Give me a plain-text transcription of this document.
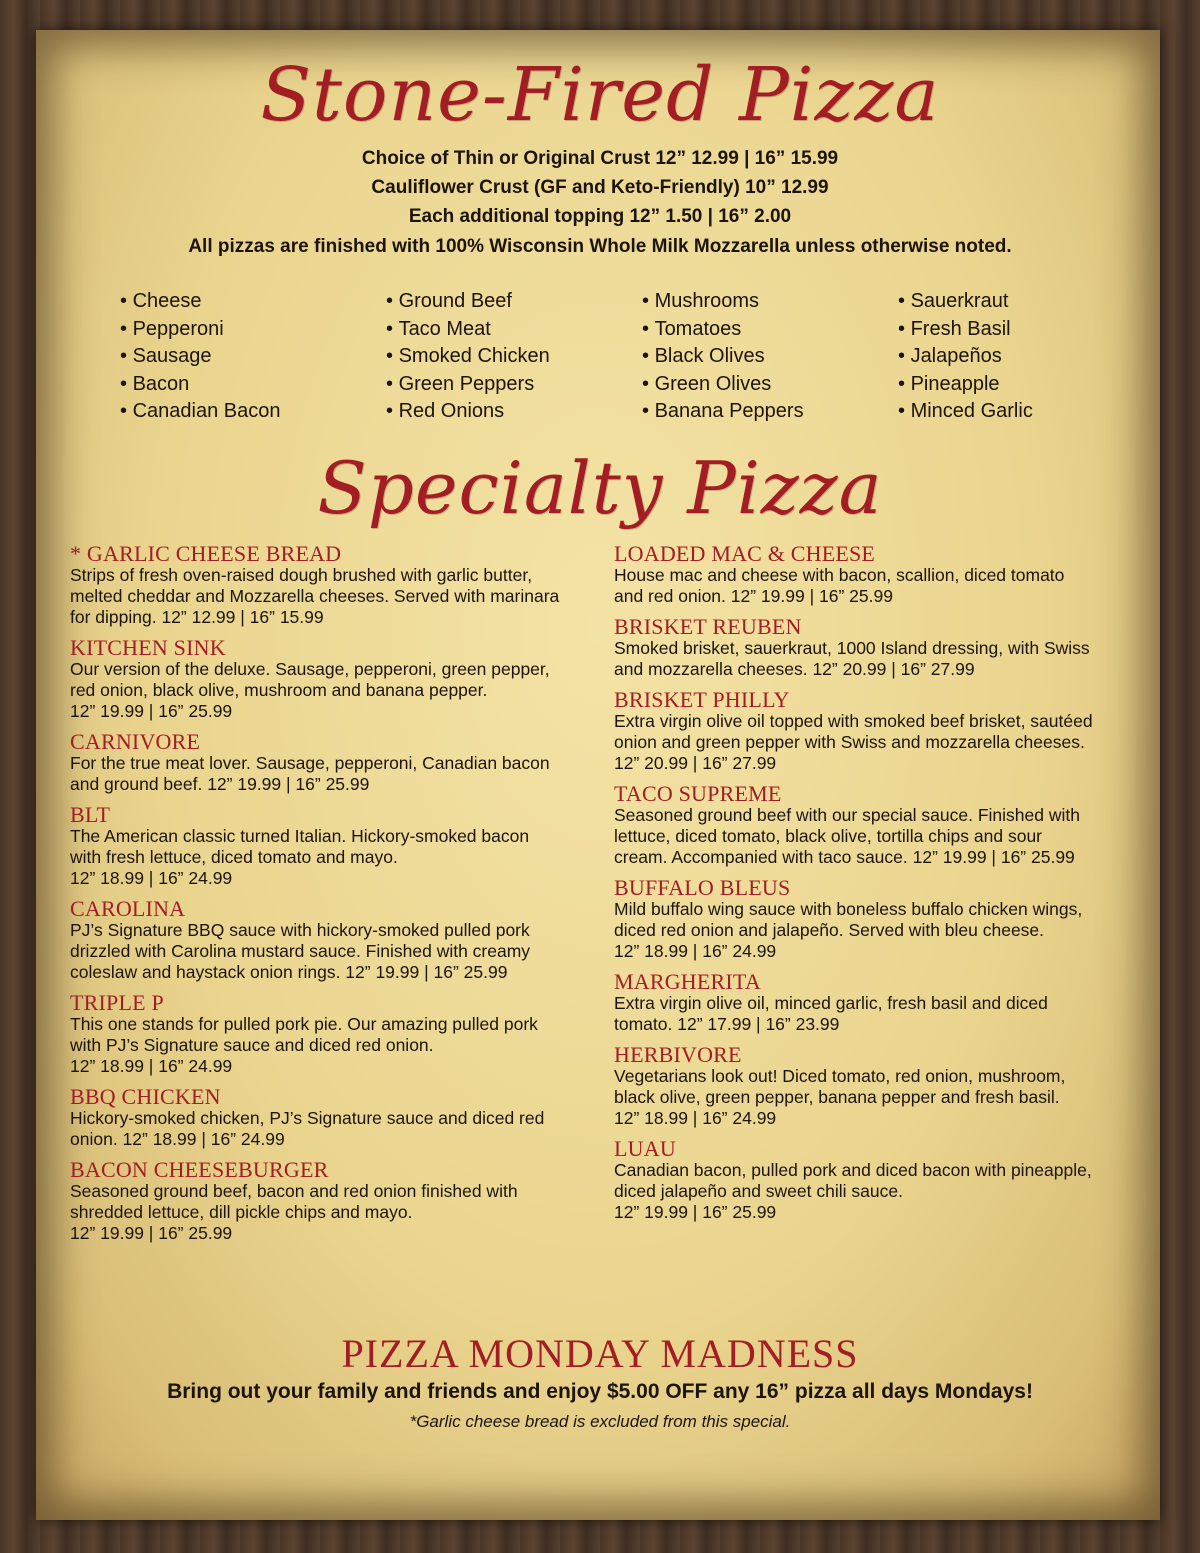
Stone-Fired Pizza
Choice of Thin or Original Crust 12” 12.99 | 16” 15.99
Cauliflower Crust (GF and Keto-Friendly) 10” 12.99
Each additional topping 12” 1.50 | 16” 2.00
All pizzas are finished with 100% Wisconsin Whole Milk Mozzarella unless otherwise noted.
• Cheese
• Pepperoni
• Sausage
• Bacon
• Canadian Bacon
• Ground Beef
• Taco Meat
• Smoked Chicken
• Green Peppers
• Red Onions
• Mushrooms
• Tomatoes
• Black Olives
• Green Olives
• Banana Peppers
• Sauerkraut
• Fresh Basil
• Jalapeños
• Pineapple
• Minced Garlic
Specialty Pizza
* GARLIC CHEESE BREAD
Strips of fresh oven-raised dough brushed with garlic butter,
melted cheddar and Mozzarella cheeses. Served with marinara
for dipping. 12” 12.99 | 16” 15.99
KITCHEN SINK
Our version of the deluxe. Sausage, pepperoni, green pepper,
red onion, black olive, mushroom and banana pepper.
12” 19.99 | 16” 25.99
CARNIVORE
For the true meat lover. Sausage, pepperoni, Canadian bacon
and ground beef. 12” 19.99 | 16” 25.99
BLT
The American classic turned Italian. Hickory-smoked bacon
with fresh lettuce, diced tomato and mayo.
12” 18.99 | 16” 24.99
CAROLINA
PJ’s Signature BBQ sauce with hickory-smoked pulled pork
drizzled with Carolina mustard sauce. Finished with creamy
coleslaw and haystack onion rings. 12” 19.99 | 16” 25.99
TRIPLE P
This one stands for pulled pork pie. Our amazing pulled pork
with PJ’s Signature sauce and diced red onion.
12” 18.99 | 16” 24.99
BBQ CHICKEN
Hickory-smoked chicken, PJ’s Signature sauce and diced red
onion. 12” 18.99 | 16” 24.99
BACON CHEESEBURGER
Seasoned ground beef, bacon and red onion finished with
shredded lettuce, dill pickle chips and mayo.
12” 19.99 | 16” 25.99
LOADED MAC & CHEESE
House mac and cheese with bacon, scallion, diced tomato
and red onion. 12” 19.99 | 16” 25.99
BRISKET REUBEN
Smoked brisket, sauerkraut, 1000 Island dressing, with Swiss
and mozzarella cheeses. 12” 20.99 | 16” 27.99
BRISKET PHILLY
Extra virgin olive oil topped with smoked beef brisket, sautéed
onion and green pepper with Swiss and mozzarella cheeses.
12” 20.99 | 16” 27.99
TACO SUPREME
Seasoned ground beef with our special sauce. Finished with
lettuce, diced tomato, black olive, tortilla chips and sour
cream. Accompanied with taco sauce. 12” 19.99 | 16” 25.99
BUFFALO BLEUS
Mild buffalo wing sauce with boneless buffalo chicken wings,
diced red onion and jalapeño. Served with bleu cheese.
12” 18.99 | 16” 24.99
MARGHERITA
Extra virgin olive oil, minced garlic, fresh basil and diced
tomato. 12” 17.99 | 16” 23.99
HERBIVORE
Vegetarians look out! Diced tomato, red onion, mushroom,
black olive, green pepper, banana pepper and fresh basil.
12” 18.99 | 16” 24.99
LUAU
Canadian bacon, pulled pork and diced bacon with pineapple,
diced jalapeño and sweet chili sauce.
12” 19.99 | 16” 25.99
PIZZA MONDAY MADNESS
Bring out your family and friends and enjoy $5.00 OFF any 16” pizza all days Mondays!
*Garlic cheese bread is excluded from this special.
